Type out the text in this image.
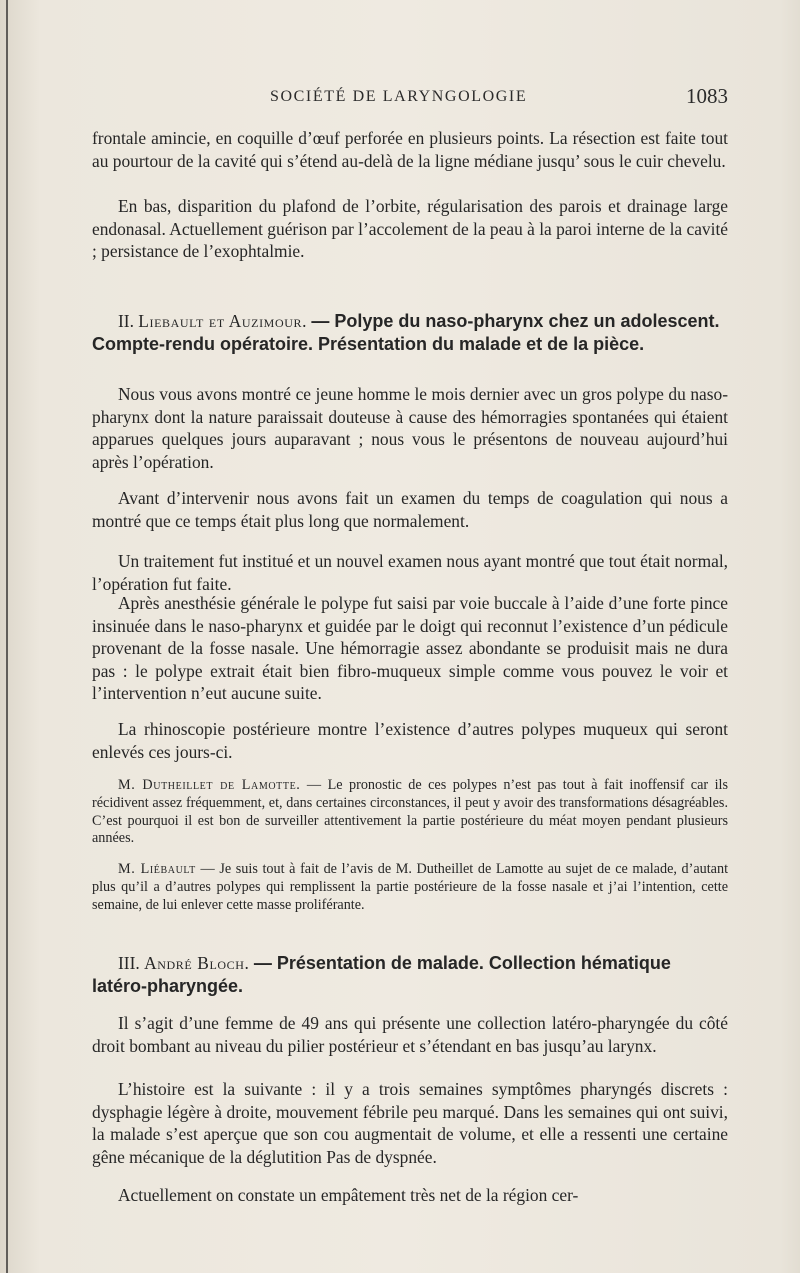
SOCIÉTÉ DE LARYNGOLOGIE	1083
frontale amincie, en coquille d’œuf perforée en plusieurs points. La résection est faite tout au pourtour de la cavité qui s’étend au-delà de la ligne médiane jusqu’ sous le cuir chevelu.
En bas, disparition du plafond de l’orbite, régularisation des parois et drainage large endonasal. Actuellement guérison par l’accolement de la peau à la paroi interne de la cavité ; persistance de l’exophtalmie.
II. Liebault et Auzimour. — Polype du naso-pharynx chez un adolescent. Compte-rendu opératoire. Présentation du malade et de la pièce.
Nous vous avons montré ce jeune homme le mois dernier avec un gros polype du naso-pharynx dont la nature paraissait douteuse à cause des hémorragies spontanées qui étaient apparues quelques jours auparavant ; nous vous le présentons de nouveau aujourd’hui après l’opération.
Avant d’intervenir nous avons fait un examen du temps de coagulation qui nous a montré que ce temps était plus long que normalement.
Un traitement fut institué et un nouvel examen nous ayant montré que tout était normal, l’opération fut faite.
Après anesthésie générale le polype fut saisi par voie buccale à l’aide d’une forte pince insinuée dans le naso-pharynx et guidée par le doigt qui reconnut l’existence d’un pédicule provenant de la fosse nasale. Une hémorragie assez abondante se produisit mais ne dura pas : le polype extrait était bien fibro-muqueux simple comme vous pouvez le voir et l’intervention n’eut aucune suite.
La rhinoscopie postérieure montre l’existence d’autres polypes muqueux qui seront enlevés ces jours-ci.
M. Dutheillet de Lamotte. — Le pronostic de ces polypes n’est pas tout à fait inoffensif car ils récidivent assez fréquemment, et, dans certaines circonstances, il peut y avoir des transformations désagréables. C’est pourquoi il est bon de surveiller attentivement la partie postérieure du méat moyen pendant plusieurs années.
M. Liébault — Je suis tout à fait de l’avis de M. Dutheillet de Lamotte au sujet de ce malade, d’autant plus qu’il a d’autres polypes qui remplissent la partie postérieure de la fosse nasale et j’ai l’intention, cette semaine, de lui enlever cette masse proliférante.
III. André Bloch. — Présentation de malade. Collection hématique latéro-pharyngée.
Il s’agit d’une femme de 49 ans qui présente une collection latéro-pharyngée du côté droit bombant au niveau du pilier postérieur et s’étendant en bas jusqu’au larynx.
L’histoire est la suivante : il y a trois semaines symptômes pharyngés discrets : dysphagie légère à droite, mouvement fébrile peu marqué. Dans les semaines qui ont suivi, la malade s’est aperçue que son cou augmentait de volume, et elle a ressenti une certaine gêne mécanique de la déglutition Pas de dyspnée.
Actuellement on constate un empâtement très net de la région cer-
